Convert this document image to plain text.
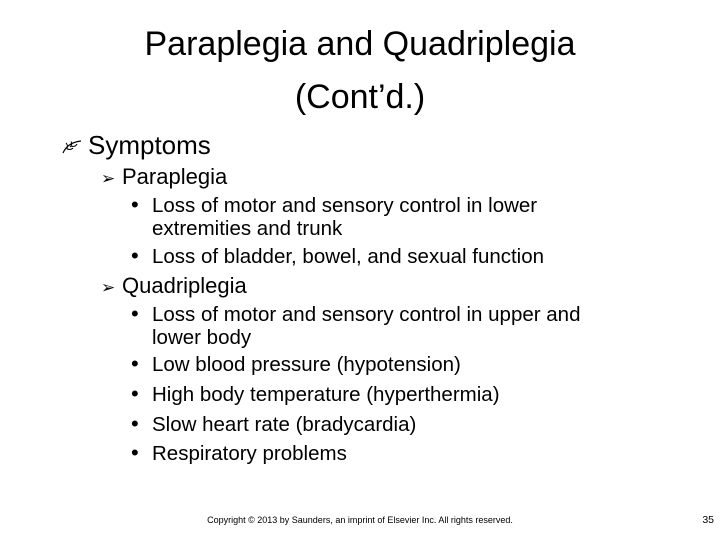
Paraplegia and Quadriplegia
(Cont’d.)
Symptoms
➢ Paraplegia
• Loss of motor and sensory control in lower
extremities and trunk
• Loss of bladder, bowel, and sexual function
➢ Quadriplegia
• Loss of motor and sensory control in upper and
lower body
• Low blood pressure (hypotension)
• High body temperature (hyperthermia)
• Slow heart rate (bradycardia)
• Respiratory problems
Copyright © 2013 by Saunders, an imprint of Elsevier Inc. All rights reserved.	35
